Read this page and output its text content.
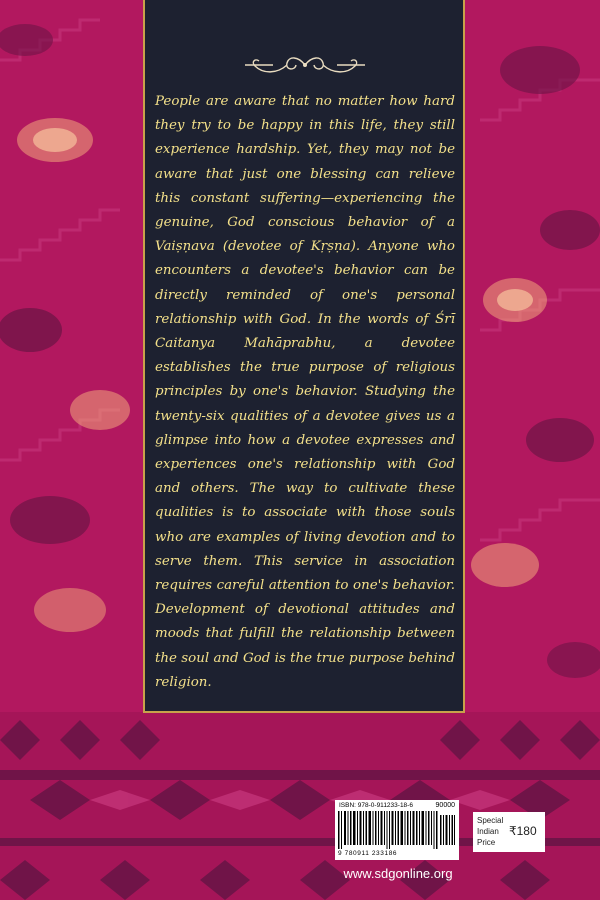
People are aware that no matter how hard they try to be happy in this life, they still experience hardship. Yet, they may not be aware that just one blessing can relieve this constant suffering—experiencing the genuine, God conscious behavior of a Vaiṣṇava (devotee of Kṛṣṇa). Anyone who encounters a devotee's behavior can be directly reminded of one's personal relationship with God. In the words of Śrī Caitanya Mahāprabhu, a devotee establishes the true purpose of religious principles by one's behavior. Studying the twenty-six qualities of a devotee gives us a glimpse into how a devotee expresses and experiences one's relationship with God and others. The way to cultivate these qualities is to associate with those souls who are examples of living devotion and to serve them. This service in association requires careful attention to one's behavior. Development of devotional attitudes and moods that fulfill the relationship between the soul and God is the true purpose behind religion.

ISBN: 978-0-911233-18-6	90000
9 780911 233186
Special
Indian
Price
₹180
www.sdgonline.org
